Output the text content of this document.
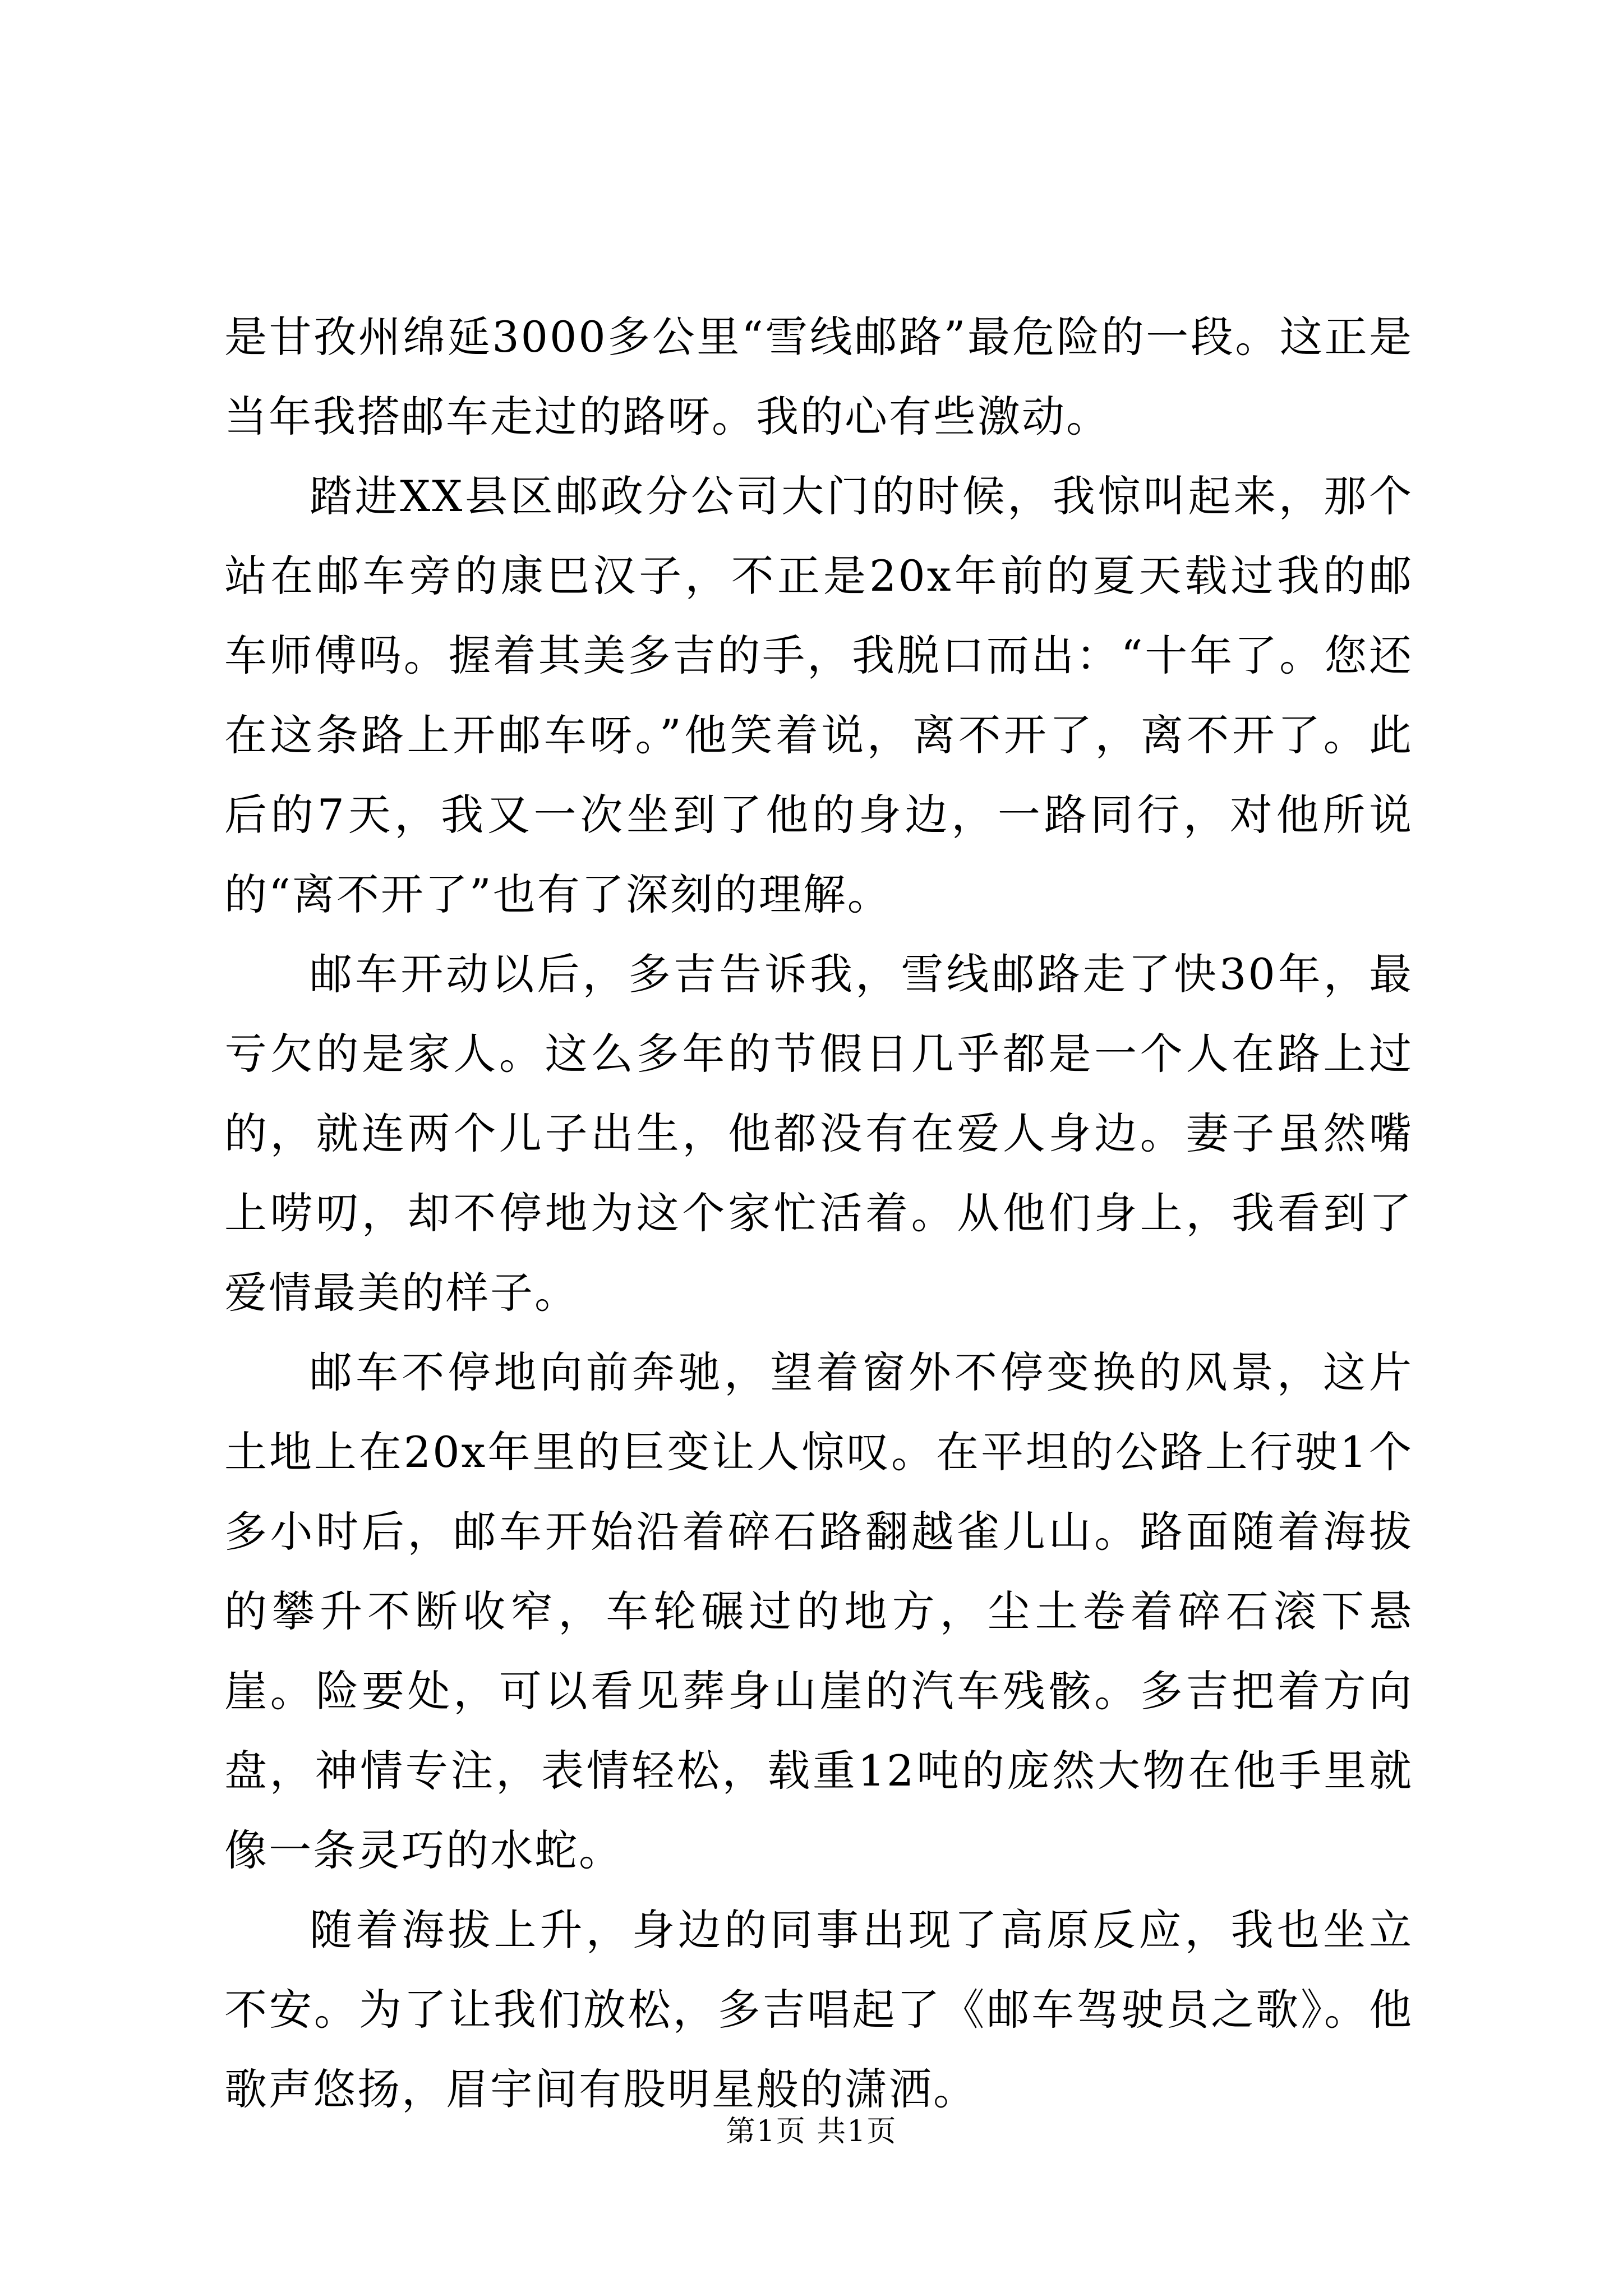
是甘孜州绵延3000多公里“雪线邮路”最危险的一段。这正是当年我搭邮车走过的路呀。我的心有些激动。

踏进XX县区邮政分公司大门的时候，我惊叫起来，那个站在邮车旁的康巴汉子，不正是20x年前的夏天载过我的邮车师傅吗。握着其美多吉的手，我脱口而出：“十年了。您还在这条路上开邮车呀。”他笑着说，离不开了，离不开了。此后的7天，我又一次坐到了他的身边，一路同行，对他所说的“离不开了”也有了深刻的理解。

邮车开动以后，多吉告诉我，雪线邮路走了快30年，最亏欠的是家人。这么多年的节假日几乎都是一个人在路上过的，就连两个儿子出生，他都没有在爱人身边。妻子虽然嘴上唠叨，却不停地为这个家忙活着。从他们身上，我看到了爱情最美的样子。

邮车不停地向前奔驰，望着窗外不停变换的风景，这片土地上在20x年里的巨变让人惊叹。在平坦的公路上行驶1个多小时后，邮车开始沿着碎石路翻越雀儿山。路面随着海拔的攀升不断收窄，车轮碾过的地方，尘土卷着碎石滚下悬崖。险要处，可以看见葬身山崖的汽车残骸。多吉把着方向盘，神情专注，表情轻松，载重12吨的庞然大物在他手里就像一条灵巧的水蛇。

随着海拔上升，身边的同事出现了高原反应，我也坐立不安。为了让我们放松，多吉唱起了《邮车驾驶员之歌》。他歌声悠扬，眉宇间有股明星般的潇洒。

第1页 共1页
